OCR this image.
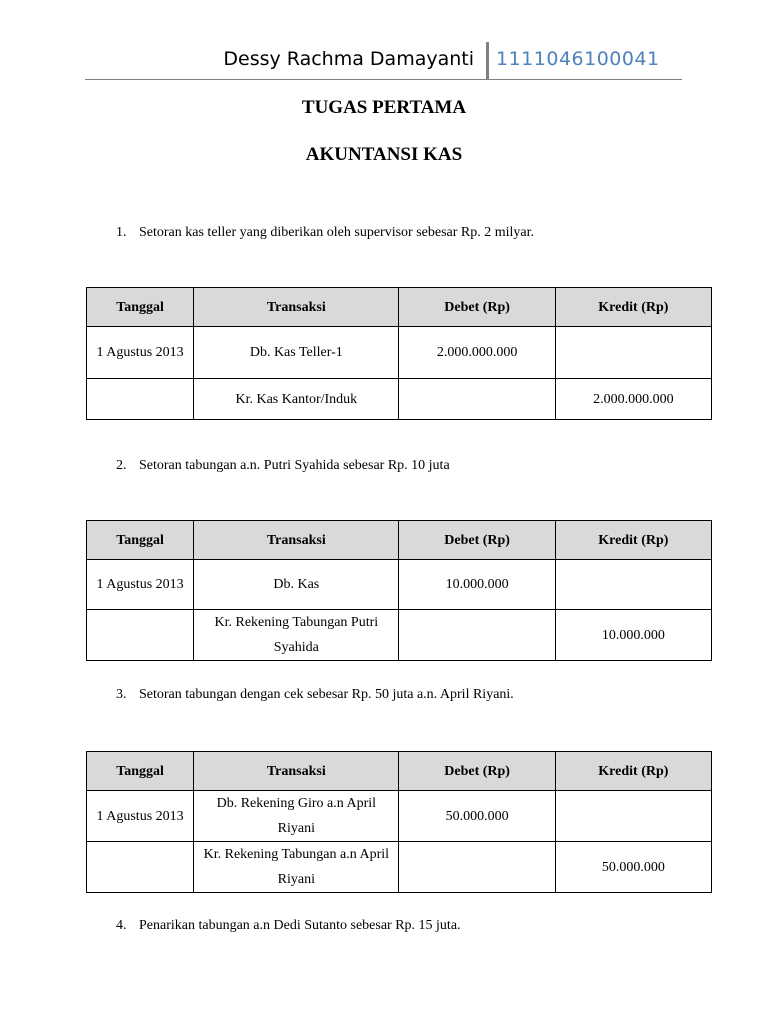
Dessy Rachma Damayanti 1111046100041
TUGAS PERTAMA
AKUNTANSI KAS
1. Setoran kas teller yang diberikan oleh supervisor sebesar Rp. 2 milyar.
Tanggal	Transaksi	Debet (Rp)	Kredit (Rp)
1 Agustus 2013	Db. Kas Teller-1	2.000.000.000	
	Kr. Kas Kantor/Induk		2.000.000.000
2. Setoran tabungan a.n. Putri Syahida sebesar Rp. 10 juta
Tanggal	Transaksi	Debet (Rp)	Kredit (Rp)
1 Agustus 2013	Db. Kas	10.000.000	
	Kr. Rekening Tabungan Putri Syahida		10.000.000
3. Setoran tabungan dengan cek sebesar Rp. 50 juta a.n. April Riyani.
Tanggal	Transaksi	Debet (Rp)	Kredit (Rp)
1 Agustus 2013	Db. Rekening Giro a.n April Riyani	50.000.000	
	Kr. Rekening Tabungan a.n April Riyani		50.000.000
4. Penarikan tabungan a.n Dedi Sutanto sebesar Rp. 15 juta.
